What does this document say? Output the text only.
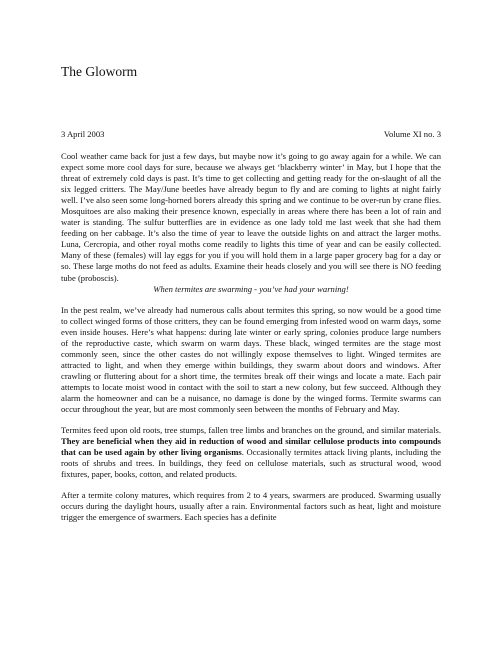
The Gloworm
3 April 2003	Volume XI no. 3

Cool weather came back for just a few days, but maybe now it’s going to go away again for a while. We can expect some more cool days for sure, because we always get ‘blackberry winter’ in May, but I hope that the threat of extremely cold days is past. It’s time to get collecting and getting ready for the on-slaught of all the six legged critters. The May/June beetles have already begun to fly and are coming to lights at night fairly well. I’ve also seen some long-horned borers already this spring and we continue to be over-run by crane flies. Mosquitoes are also making their presence known, especially in areas where there has been a lot of rain and water is standing. The sulfur butterflies are in evidence as one lady told me last week that she had them feeding on her cabbage. It’s also the time of year to leave the outside lights on and attract the larger moths. Luna, Cercropia, and other royal moths come readily to lights this time of year and can be easily collected. Many of these (females) will lay eggs for you if you will hold them in a large paper grocery bag for a day or so. These large moths do not feed as adults. Examine their heads closely and you will see there is NO feeding tube (proboscis).

When termites are swarming - you’ve had your warning!

In the pest realm, we’ve already had numerous calls about termites this spring, so now would be a good time to collect winged forms of those critters, they can be found emerging from infested wood on warm days, some even inside houses. Here’s what happens: during late winter or early spring, colonies produce large numbers of the reproductive caste, which swarm on warm days. These black, winged termites are the stage most commonly seen, since the other castes do not willingly expose themselves to light. Winged termites are attracted to light, and when they emerge within buildings, they swarm about doors and windows. After crawling or fluttering about for a short time, the termites break off their wings and locate a mate. Each pair attempts to locate moist wood in contact with the soil to start a new colony, but few succeed. Although they alarm the homeowner and can be a nuisance, no damage is done by the winged forms. Termite swarms can occur throughout the year, but are most commonly seen between the months of February and May.

Termites feed upon old roots, tree stumps, fallen tree limbs and branches on the ground, and similar materials. They are beneficial when they aid in reduction of wood and similar cellulose products into compounds that can be used again by other living organisms. Occasionally termites attack living plants, including the roots of shrubs and trees. In buildings, they feed on cellulose materials, such as structural wood, wood fixtures, paper, books, cotton, and related products.

After a termite colony matures, which requires from 2 to 4 years, swarmers are produced. Swarming usually occurs during the daylight hours, usually after a rain. Environmental factors such as heat, light and moisture trigger the emergence of swarmers. Each species has a definite
